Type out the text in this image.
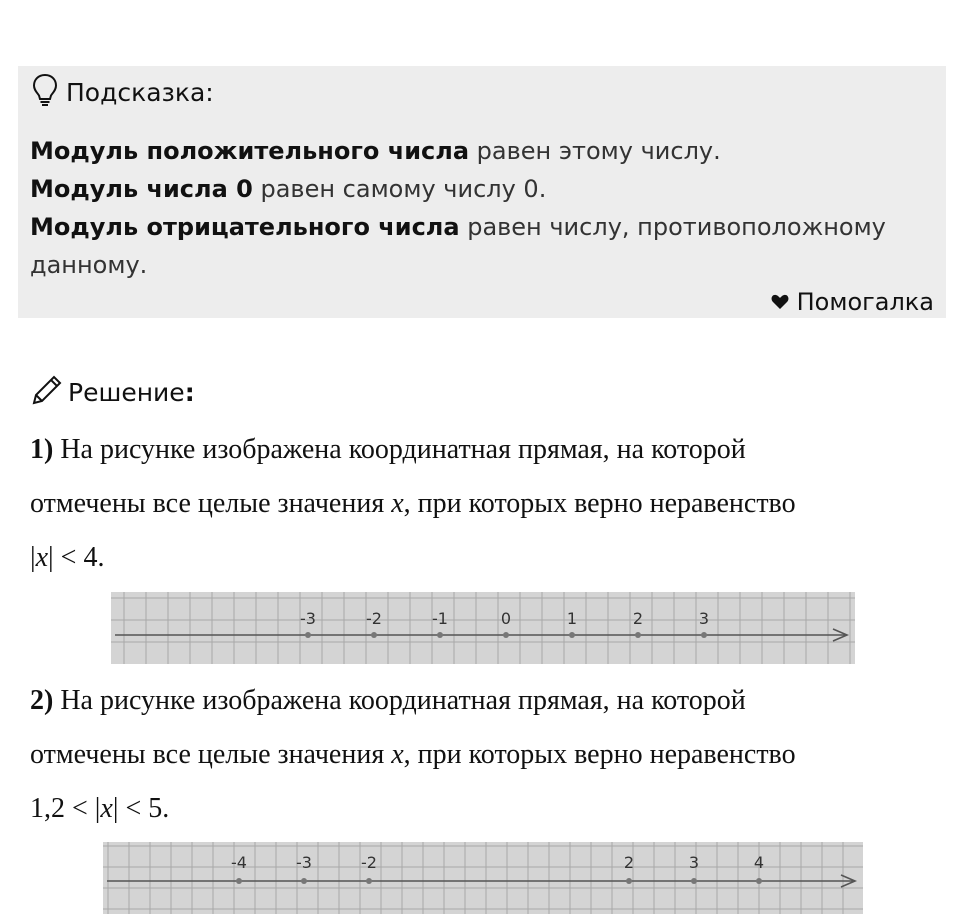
Подсказка:
Модуль положительного числа равен этому числу.
Модуль числа 0 равен самому числу 0.
Модуль отрицательного числа равен числу, противоположному
данному.
Помогалка
Решение:
1) На рисунке изображена координатная прямая, на которой
отмечены все целые значения x, при которых верно неравенство
|x| < 4.
-3	-2	-1	0	1	2	3
2) На рисунке изображена координатная прямая, на которой
отмечены все целые значения x, при которых верно неравенство
1,2 < |x| < 5.
-4	-3	-2	2	3	4
